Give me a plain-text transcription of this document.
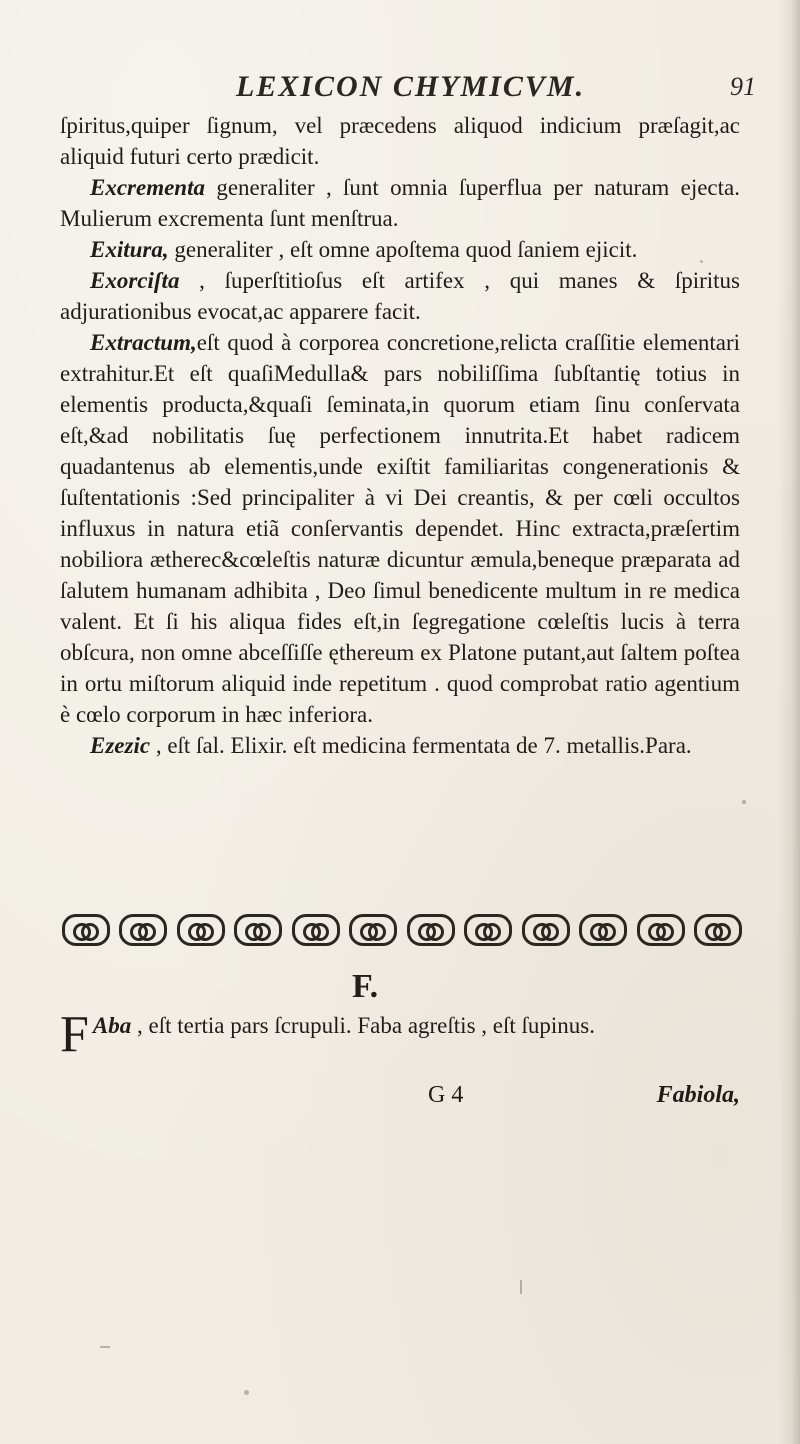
LEXICON CHYMICVM.	91

ſpiritus,quiper ſignum, vel præcedens aliquod indicium præſagit,ac aliquid futuri certo prædicit.

Excrementa generaliter , ſunt omnia ſuperflua per naturam ejecta. Mulierum excrementa ſunt menſtrua.

Exitura, generaliter , eſt omne apoſtema quod ſaniem ejicit.

Exorciſta , ſuperſtitioſus eſt artifex , qui manes & ſpiritus adjurationibus evocat,ac apparere facit.

Extractum,eſt quod à corporea concretione,relicta craſſitie elementari extrahitur.Et eſt quaſiMedulla& pars nobiliſſima ſubſtantię totius in elementis producta,&quaſi ſeminata,in quorum etiam ſinu conſervata eſt,&ad nobilitatis ſuę perfectionem innutrita.Et habet radicem quadantenus ab elementis,unde exiſtit familiaritas congenerationis & ſuſtentationis :Sed principaliter à vi Dei creantis, & per cœli occultos influxus in natura etiã conſervantis dependet. Hinc extracta,præſertim nobiliora ætherec&cœleſtis naturæ dicuntur æmula,beneque præparata ad ſalutem humanam adhibita , Deo ſimul benedicente multum in re medica valent. Et ſi his aliqua fides eſt,in ſegregatione cœleſtis lucis à terra obſcura, non omne abceſſiſſe ęthereum ex Platone putant,aut ſaltem poſtea in ortu miſtorum aliquid inde repetitum . quod comprobat ratio agentium è cœlo corporum in hæc inferiora.

Ezezic , eſt ſal. Elixir. eſt medicina fermentata de 7. metallis.Para.

F.
F Aba , eſt tertia pars ſcrupuli. Faba agreſtis , eſt ſupinus.
G 4	Fabiola,
